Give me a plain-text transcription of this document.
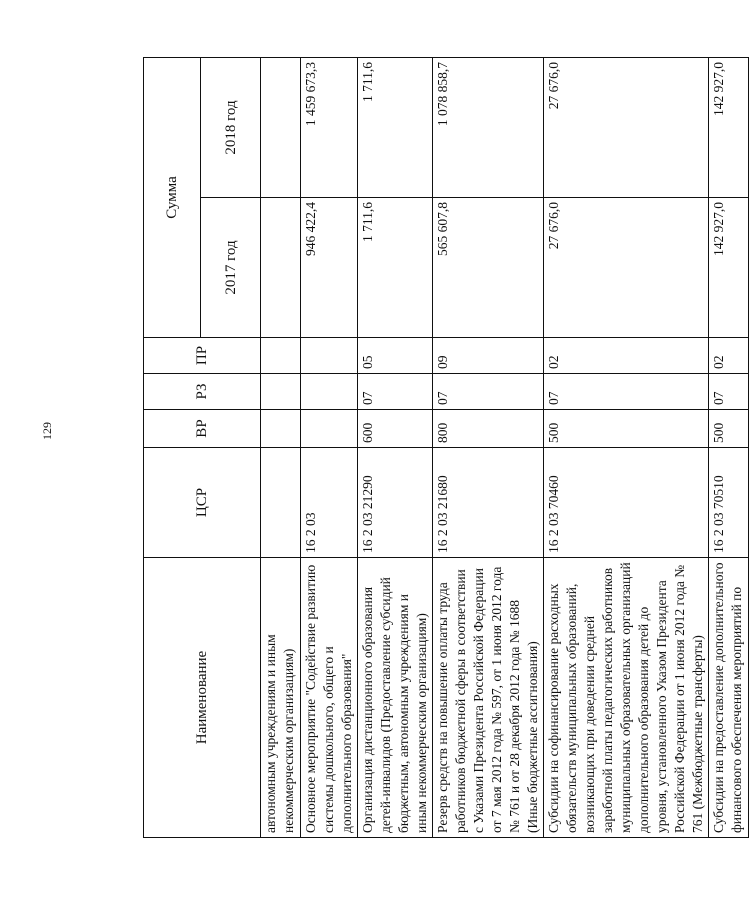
129
Наименование	ЦСР	ВР	РЗ	ПР	Сумма	
					2017 год	2018 год
автономным учреждениям и иным некоммерческим организациям)						
Основное мероприятие "Содействие развитию системы дошкольного, общего и дополнительного образования"	16 2 03				946 422,4	1 459 673,3
Организация дистанционного образования детей-инвалидов (Предоставление субсидий бюджетным, автономным учреждениям и иным некоммерческим организациям)	16 2 03 21290	600	07	05	1 711,6	1 711,6
Резерв средств на повышение оплаты труда работников бюджетной сферы в соответствии с Указами Президента Российской Федерации от 7 мая 2012 года № 597, от 1 июня 2012 года № 761 и от 28 декабря 2012 года № 1688 (Иные бюджетные ассигнования)	16 2 03 21680	800	07	09	565 607,8	1 078 858,7
Субсидии на софинансирование расходных обязательств муниципальных образований, возникающих при доведении средней заработной платы педагогических работников муниципальных образовательных организаций дополнительного образования детей до уровня, установленного Указом Президента Российской Федерации от 1 июня 2012 года № 761 (Межбюджетные трансферты)	16 2 03 70460	500	07	02	27 676,0	27 676,0
Субсидии на предоставление дополнительного финансового обеспечения мероприятий по	16 2 03 70510	500	07	02	142 927,0	142 927,0
